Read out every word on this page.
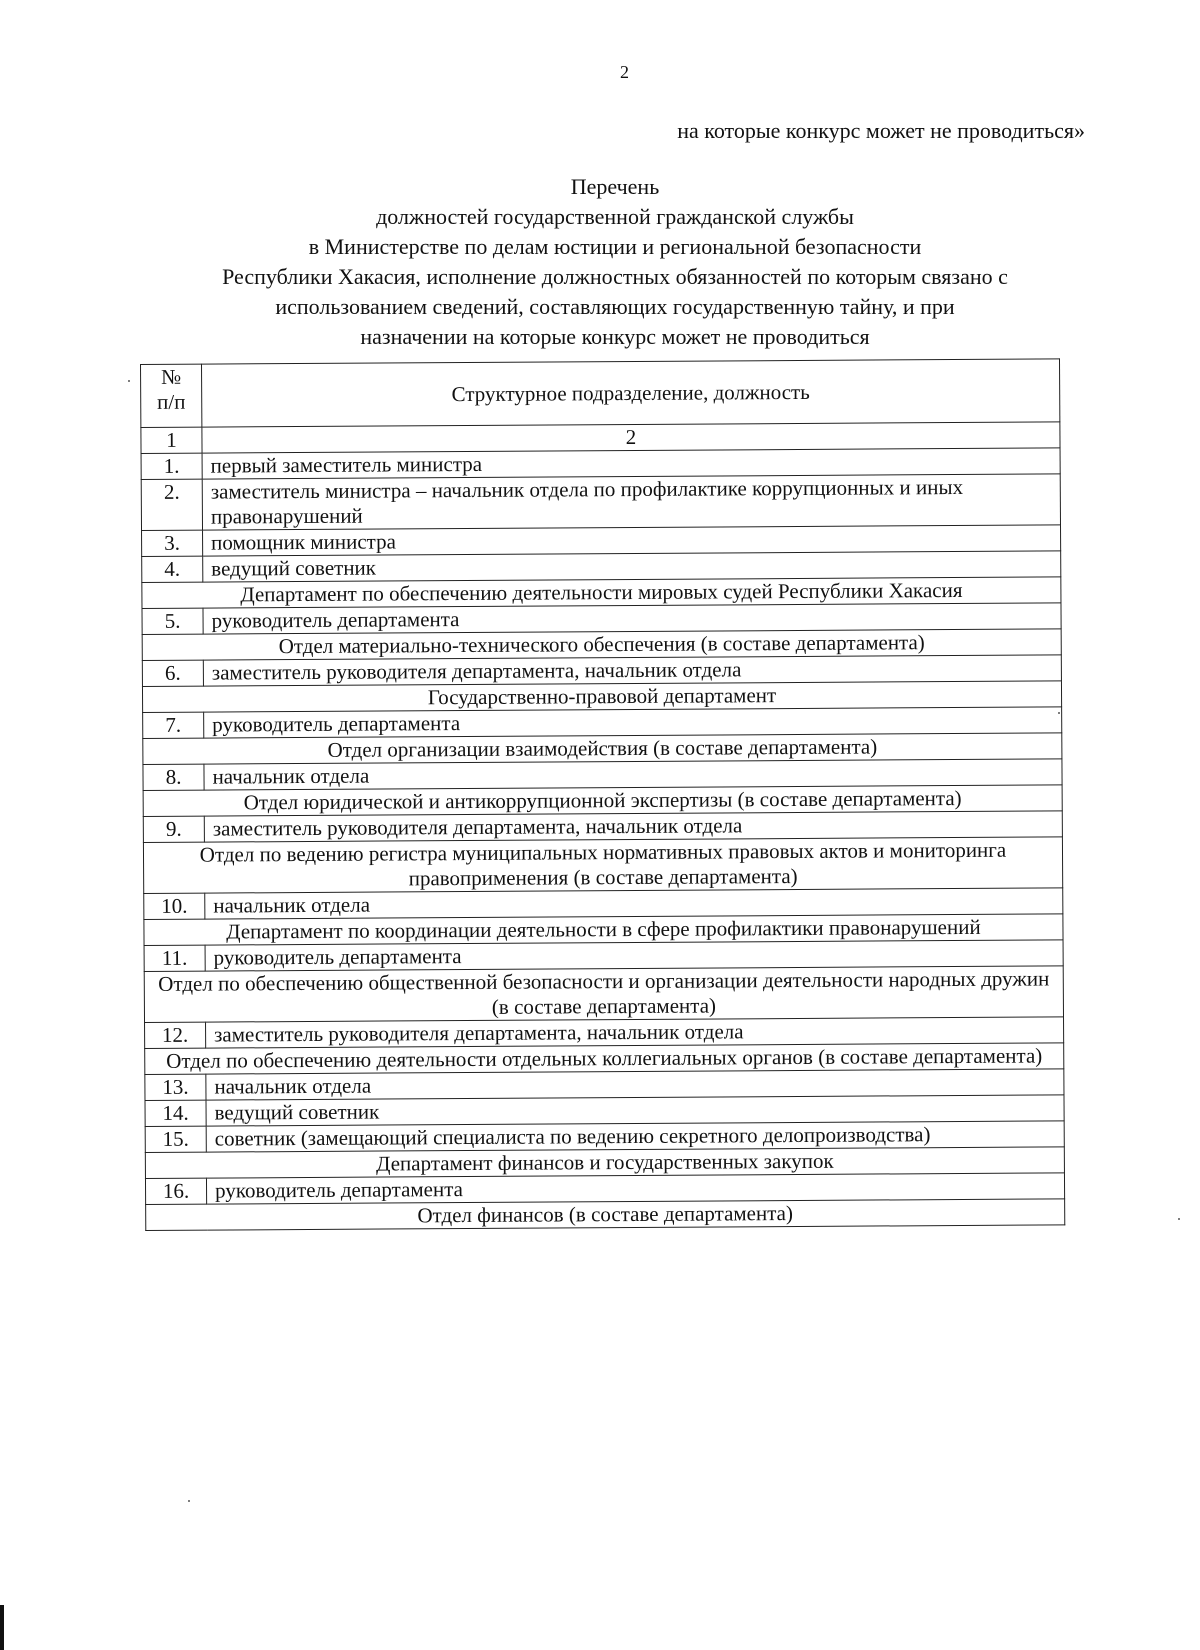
2
на которые конкурс может не проводиться»
Перечень
должностей государственной гражданской службы
в Министерстве по делам юстиции и региональной безопасности
Республики Хакасия, исполнение должностных обязанностей по которым связано с
использованием сведений, составляющих государственную тайну, и при
назначении на которые конкурс может не проводиться
№
п/п	Структурное подразделение, должность
1	2
1.	первый заместитель министра
2.	заместитель министра – начальник отдела по профилактике коррупционных и иных правонарушений
3.	помощник министра
4.	ведущий советник
Департамент по обеспечению деятельности мировых судей Республики Хакасия	
5.	руководитель департамента
Отдел материально-технического обеспечения (в составе департамента)	
6.	заместитель руководителя департамента, начальник отдела
Государственно-правовой департамент	
7.	руководитель департамента
Отдел организации взаимодействия (в составе департамента)	
8.	начальник отдела
Отдел юридической и антикоррупционной экспертизы (в составе департамента)	
9.	заместитель руководителя департамента, начальник отдела
Отдел по ведению регистра муниципальных нормативных правовых актов и мониторинга правоприменения (в составе департамента)	
10.	начальник отдела
Департамент по координации деятельности в сфере профилактики правонарушений	
11.	руководитель департамента
Отдел по обеспечению общественной безопасности и организации деятельности народных дружин (в составе департамента)	
12.	заместитель руководителя департамента, начальник отдела
Отдел по обеспечению деятельности отдельных коллегиальных органов (в составе департамента)	
13.	начальник отдела
14.	ведущий советник
15.	советник (замещающий специалиста по ведению секретного делопроизводства)
Департамент финансов и государственных закупок	
16.	руководитель департамента
Отдел финансов (в составе департамента)	
